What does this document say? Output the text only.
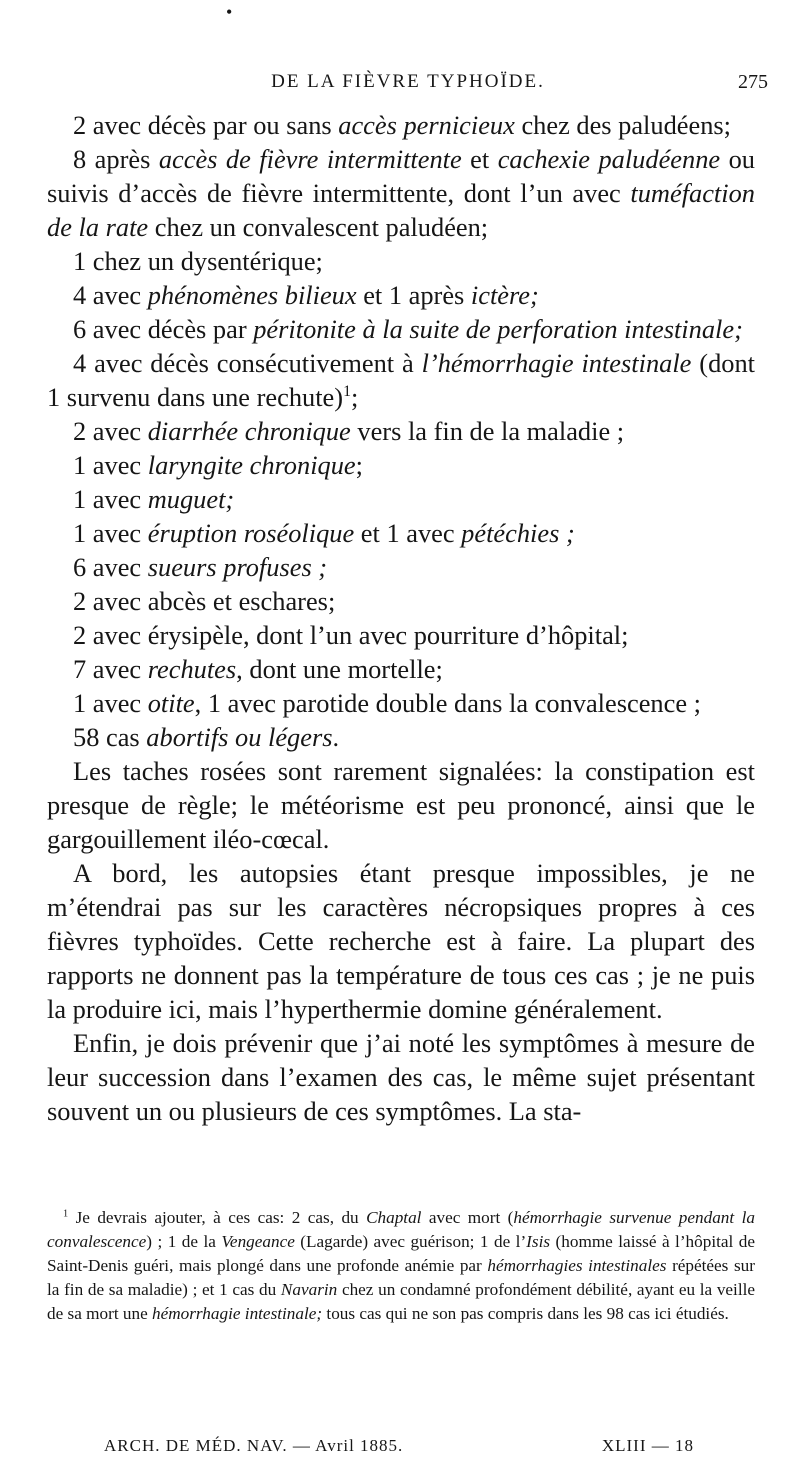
•
DE LA FIÈVRE TYPHOÏDE.	275

2 avec décès par ou sans accès pernicieux chez des paludéens;

8 après accès de fièvre intermittente et cachexie paludéenne ou suivis d’accès de fièvre intermittente, dont l’un avec tuméfaction de la rate chez un convalescent paludéen;

1 chez un dysentérique;

4 avec phénomènes bilieux et 1 après ictère;

6 avec décès par péritonite à la suite de perforation intestinale;

4 avec décès consécutivement à l’hémorrhagie intestinale (dont 1 survenu dans une rechute)$^1$;

2 avec diarrhée chronique vers la fin de la maladie ;

1 avec laryngite chronique;

1 avec muguet;

1 avec éruption roséolique et 1 avec pétéchies ;

6 avec sueurs profuses ;

2 avec abcès et eschares;

2 avec érysipèle, dont l’un avec pourriture d’hôpital;

7 avec rechutes, dont une mortelle;

1 avec otite, 1 avec parotide double dans la convalescence ;

58 cas abortifs ou légers.

Les taches rosées sont rarement signalées: la constipation est presque de règle; le météorisme est peu prononcé, ainsi que le gargouillement iléo-cœcal.

A bord, les autopsies étant presque impossibles, je ne m’étendrai pas sur les caractères nécropsiques propres à ces fièvres typhoïdes. Cette recherche est à faire. La plupart des rapports ne donnent pas la température de tous ces cas ; je ne puis la produire ici, mais l’hyperthermie domine généralement.

Enfin, je dois prévenir que j’ai noté les symptômes à mesure de leur succession dans l’examen des cas, le même sujet présentant souvent un ou plusieurs de ces symptômes. La sta-

$^1$ Je devrais ajouter, à ces cas: 2 cas, du Chaptal avec mort (hémorrhagie survenue pendant la convalescence) ; 1 de la Vengeance (Lagarde) avec guérison; 1 de l’Isis (homme laissé à l’hôpital de Saint-Denis guéri, mais plongé dans une profonde anémie par hémorrhagies intestinales répétées sur la fin de sa maladie) ; et 1 cas du Navarin chez un condamné profondément débilité, ayant eu la veille de sa mort une hémorrhagie intestinale; tous cas qui ne son pas compris dans les 98 cas ici étudiés.

ARCH. DE MÉD. NAV. — Avril 1885.	XLIII — 18
